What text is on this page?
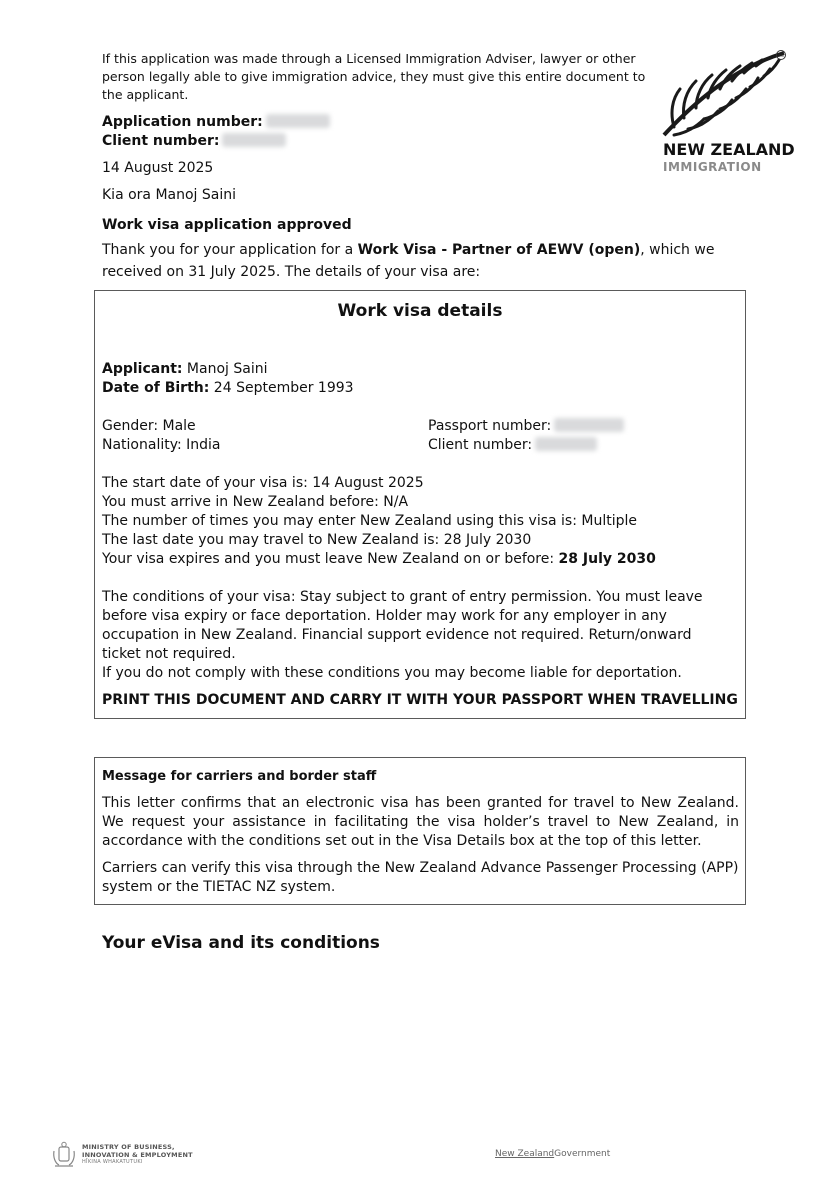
If this application was made through a Licensed Immigration Adviser, lawyer or other person legally able to give immigration advice, they must give this entire document to the applicant.
Application number:
Client number:
14 August 2025
Kia ora Manoj Saini
Work visa application approved
Thank you for your application for a Work Visa - Partner of AEWV (open), which we received on 31 July 2025. The details of your visa are:
TM
NEW ZEALAND
IMMIGRATION
Work visa details
Applicant: Manoj Saini
Date of Birth: 24 September 1993
Gender: Male
Nationality: India
Passport number:
Client number:
The start date of your visa is: 14 August 2025
You must arrive in New Zealand before: N/A
The number of times you may enter New Zealand using this visa is: Multiple
The last date you may travel to New Zealand is: 28 July 2030
Your visa expires and you must leave New Zealand on or before: 28 July 2030
The conditions of your visa: Stay subject to grant of entry permission. You must leave before visa expiry or face deportation. Holder may work for any employer in any occupation in New Zealand. Financial support evidence not required. Return/onward ticket not required.
If you do not comply with these conditions you may become liable for deportation.
PRINT THIS DOCUMENT AND CARRY IT WITH YOUR PASSPORT WHEN TRAVELLING
Message for carriers and border staff
This letter confirms that an electronic visa has been granted for travel to New Zealand. We request your assistance in facilitating the visa holder’s travel to New Zealand, in accordance with the conditions set out in the Visa Details box at the top of this letter.
Carriers can verify this visa through the New Zealand Advance Passenger Processing (APP) system or the TIETAC NZ system.
Your eVisa and its conditions
MINISTRY OF BUSINESS,
INNOVATION & EMPLOYMENT
HĪKINA WHAKATUTUKI
New ZealandGovernment
